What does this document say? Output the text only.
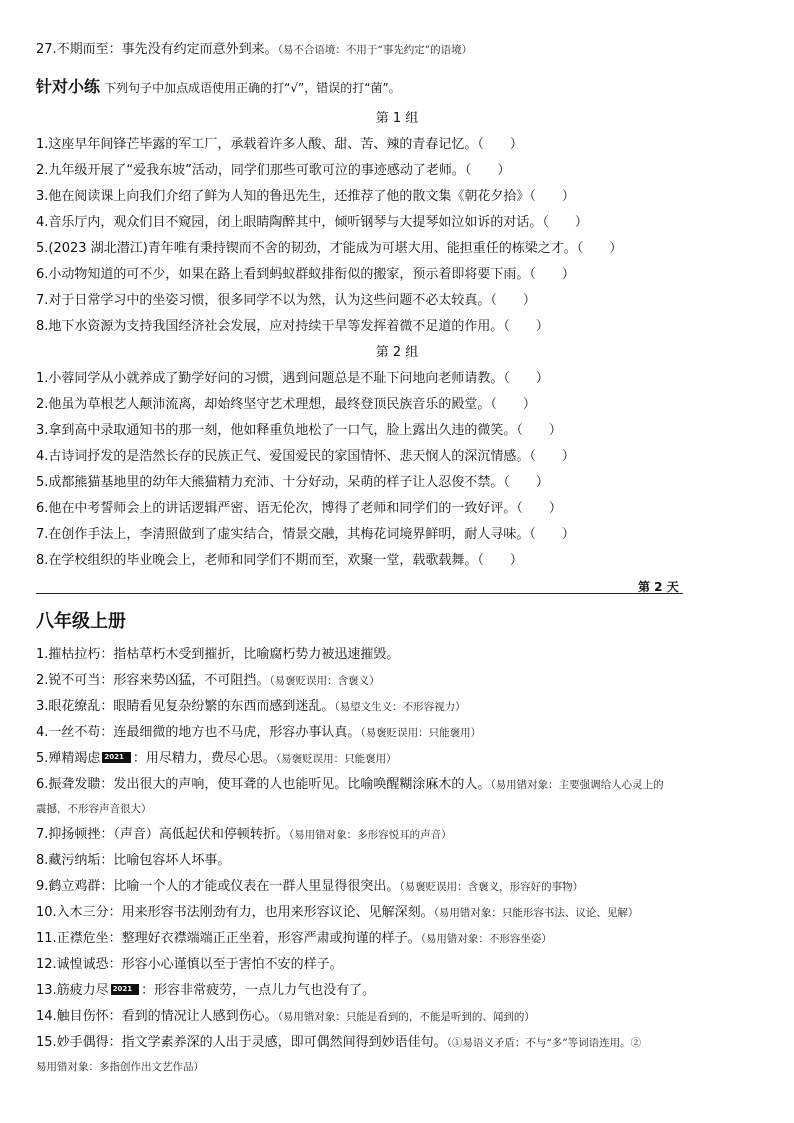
27.不期而至：事先没有约定而意外到来。（易不合语境：不用于“事先约定”的语境）
针对小练 下列句子中加点成语使用正确的打“√”，错误的打“菌”。
第 1 组
1.这座早年间锋芒毕露的军工厂，承载着许多人酸、甜、苦、辣的青春记忆。（　　）
2.九年级开展了“爱我东坡”活动，同学们那些可歌可泣的事迹感动了老师。（　　）
3.他在阅读课上向我们介绍了鲜为人知的鲁迅先生，还推荐了他的散文集《朝花夕拾》（　　）
4.音乐厅内，观众们目不窥园，闭上眼睛陶醉其中，倾听钢琴与大提琴如泣如诉的对话。（　　）
5.(2023 湖北潜江)青年唯有秉持锲而不舍的韧劲，才能成为可堪大用、能担重任的栋梁之才。（　　）
6.小动物知道的可不少，如果在路上看到蚂蚁群蚁排衔似的搬家，预示着即将要下雨。（　　）
7.对于日常学习中的坐姿习惯，很多同学不以为然，认为这些问题不必太较真。（　　）
8.地下水资源为支持我国经济社会发展，应对持续干旱等发挥着微不足道的作用。（　　）
第 2 组
1.小蓉同学从小就养成了勤学好问的习惯，遇到问题总是不耻下问地向老师请教。（　　）
2.他虽为草根艺人颠沛流离，却始终坚守艺术理想，最终登顶民族音乐的殿堂。（　　）
3.拿到高中录取通知书的那一刻，他如释重负地松了一口气，脸上露出久违的微笑。（　　）
4.古诗词抒发的是浩然长存的民族正气、爱国爱民的家国情怀、悲天悯人的深沉情感。（　　）
5.成都熊猫基地里的幼年大熊猫精力充沛、十分好动，呆萌的样子让人忍俊不禁。（　　）
6.他在中考誓师会上的讲话逻辑严密、语无伦次，博得了老师和同学们的一致好评。（　　）
7.在创作手法上，李清照做到了虚实结合，情景交融，其梅花词境界鲜明，耐人寻味。（　　）
8.在学校组织的毕业晚会上，老师和同学们不期而至，欢聚一堂，载歌载舞。（　　）
第 2 天
八年级上册
1.摧枯拉朽：指枯草朽木受到摧折，比喻腐朽势力被迅速摧毁。
2.锐不可当：形容来势凶猛，不可阻挡。（易褒贬误用：含褒义）
3.眼花缭乱：眼睛看见复杂纷繁的东西而感到迷乱。（易望文生义：不形容视力）
4.一丝不苟：连最细微的地方也不马虎，形容办事认真。（易褒贬误用：只能褒用）
5.殚精竭虑 2021 ：用尽精力，费尽心思。（易褒贬误用：只能褒用）
6.振聋发聩：发出很大的声响，使耳聋的人也能听见。比喻唤醒糊涂麻木的人。（易用错对象：主要强调给人心灵上的
震撼，不形容声音很大）
7.抑扬顿挫：（声音）高低起伏和停顿转折。（易用错对象：多形容悦耳的声音）
8.藏污纳垢：比喻包容坏人坏事。
9.鹤立鸡群：比喻一个人的才能或仪表在一群人里显得很突出。（易褒贬误用：含褒义，形容好的事物）
10.入木三分：用来形容书法刚劲有力，也用来形容议论、见解深刻。（易用错对象：只能形容书法、议论、见解）
11.正襟危坐：整理好衣襟端端正正坐着，形容严肃或拘谨的样子。（易用错对象：不形容坐姿）
12.诚惶诚恐：形容小心谨慎以至于害怕不安的样子。
13.筋疲力尽 2021 ：形容非常疲劳，一点儿力气也没有了。
14.触目伤怀：看到的情况让人感到伤心。（易用错对象：只能是看到的，不能是听到的、闻到的）
15.妙手偶得：指文学素养深的人出于灵感，即可偶然间得到妙语佳句。（①易语义矛盾：不与“多”等词语连用。②
易用错对象：多指创作出文艺作品）
